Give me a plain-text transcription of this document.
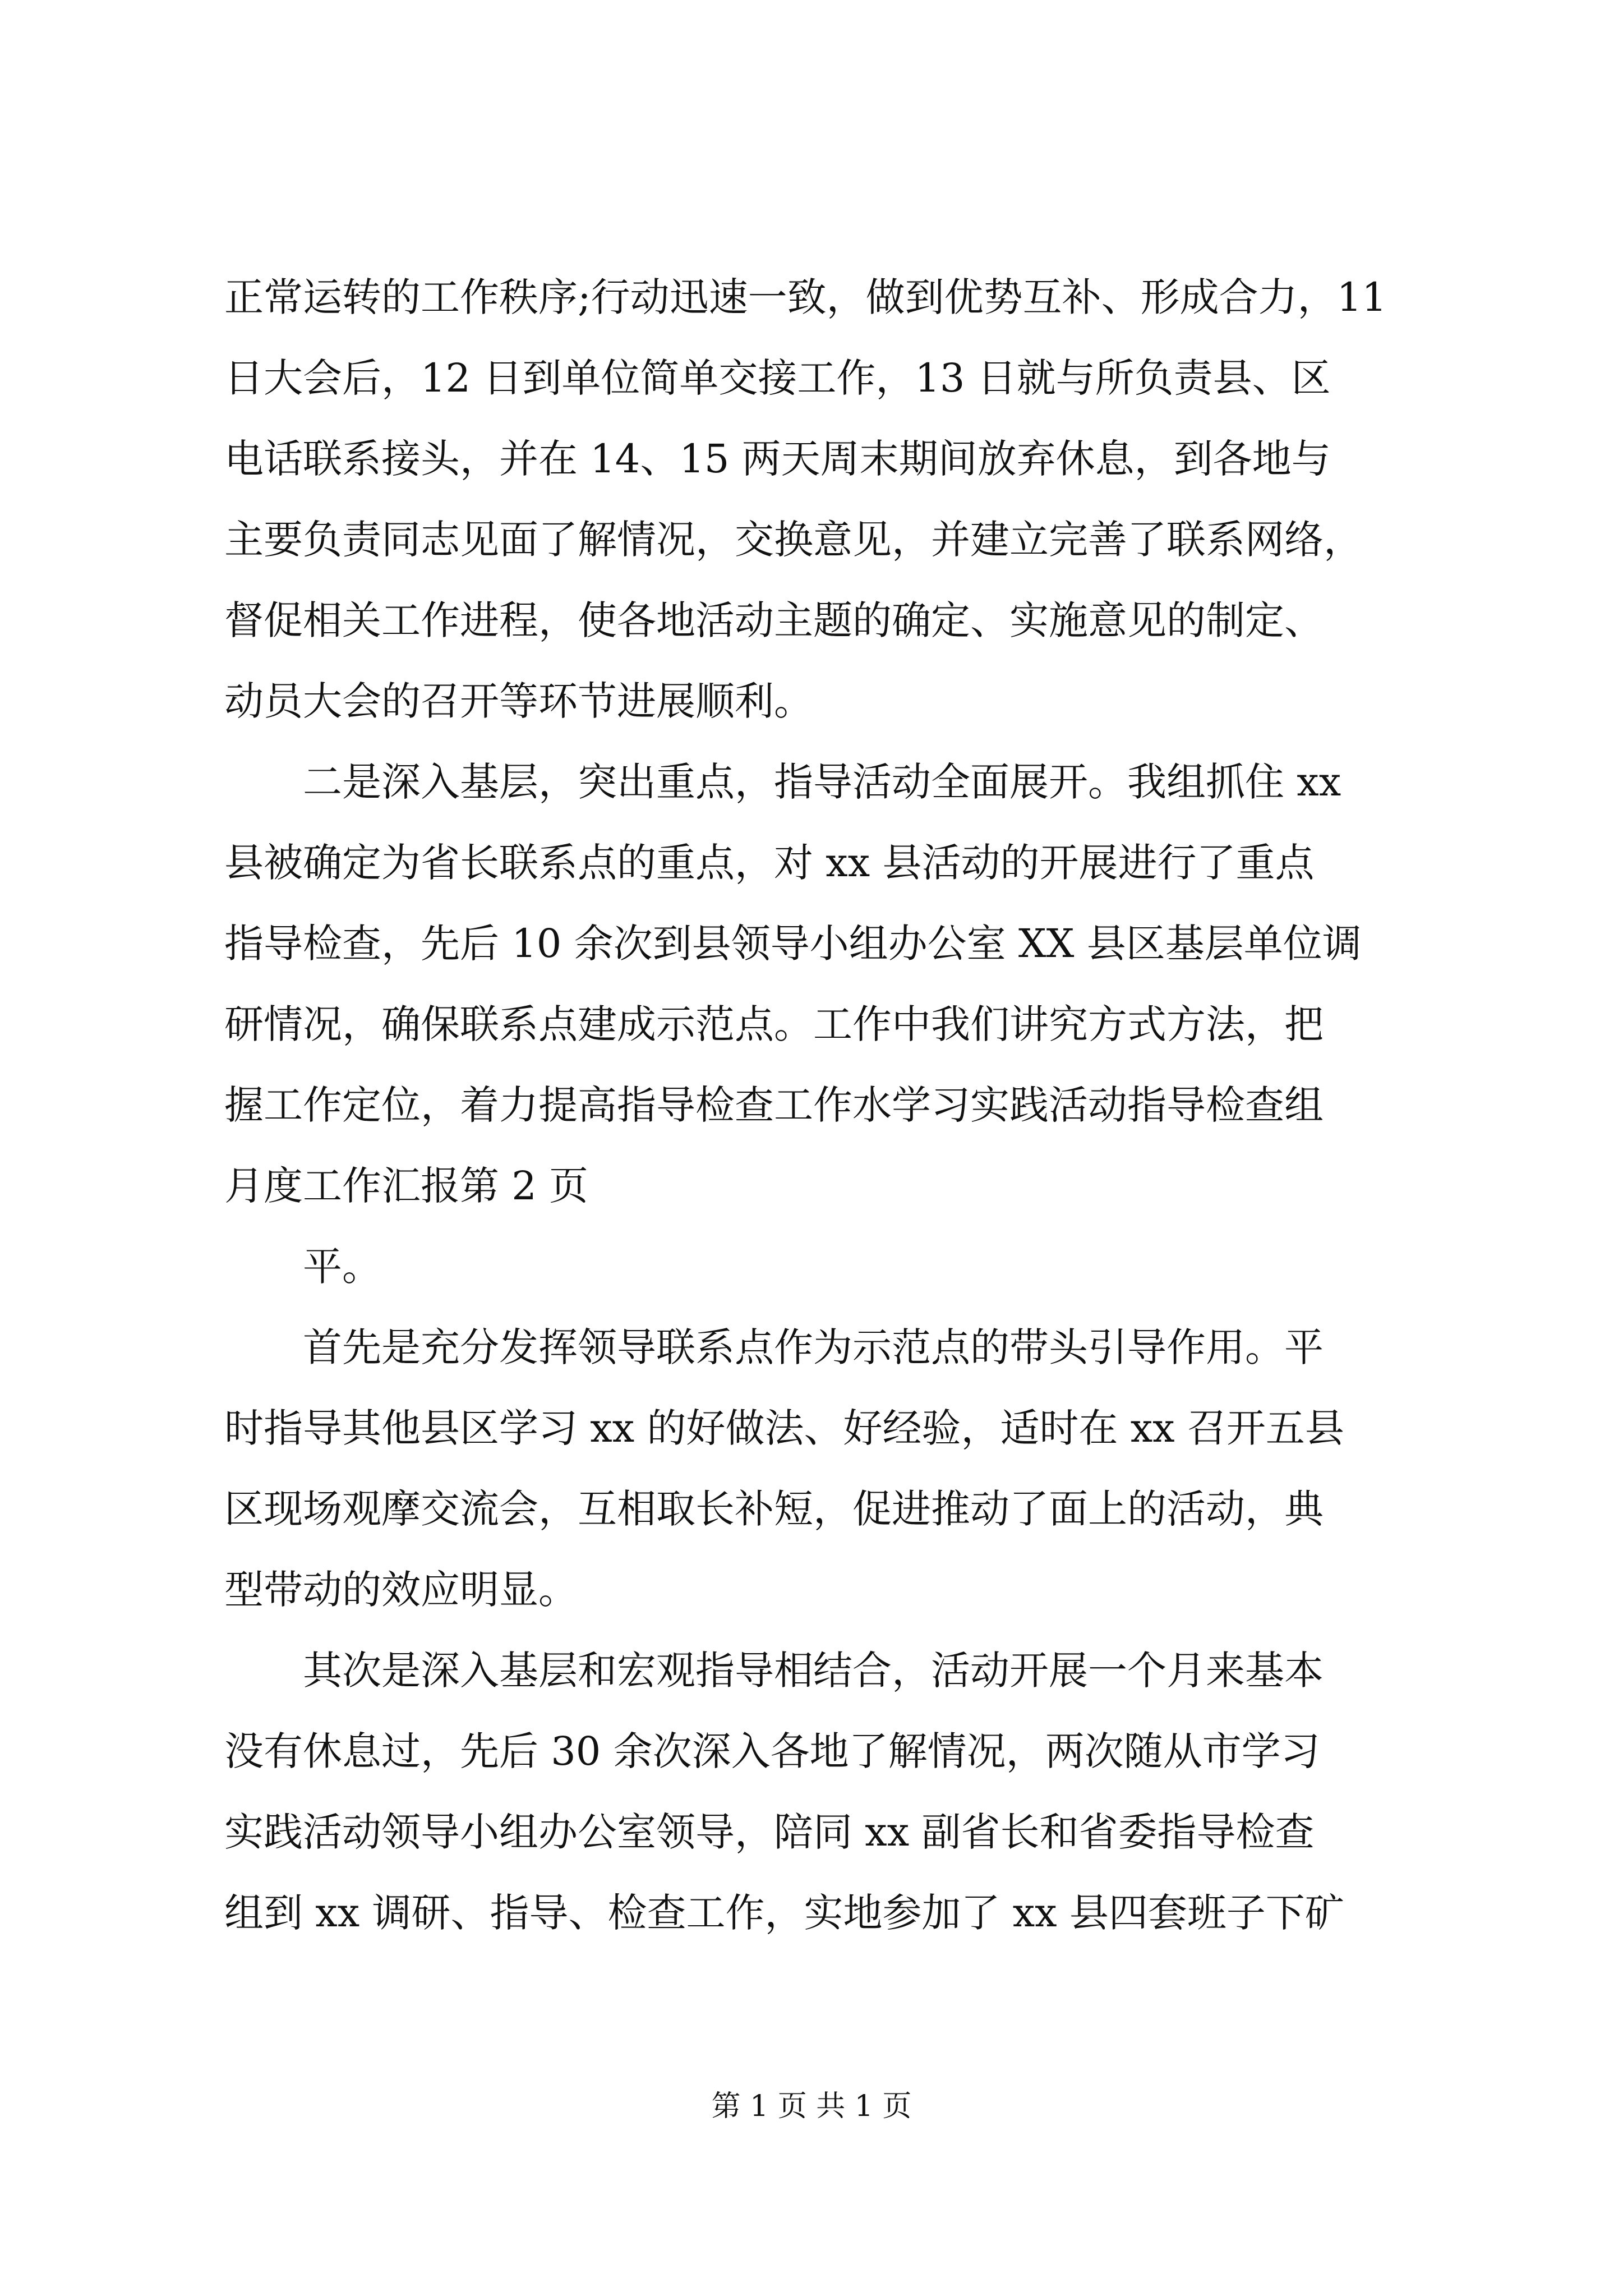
正常运转的工作秩序;行动迅速一致，做到优势互补、形成合力，11
日大会后，12 日到单位简单交接工作，13 日就与所负责县、区
电话联系接头，并在 14、15 两天周末期间放弃休息，到各地与
主要负责同志见面了解情况，交换意见，并建立完善了联系网络，
督促相关工作进程，使各地活动主题的确定、实施意见的制定、
动员大会的召开等环节进展顺利。
二是深入基层，突出重点，指导活动全面展开。我组抓住 xx
县被确定为省长联系点的重点，对 xx 县活动的开展进行了重点
指导检查，先后 10 余次到县领导小组办公室 XX 县区基层单位调
研情况，确保联系点建成示范点。工作中我们讲究方式方法，把
握工作定位，着力提高指导检查工作水学习实践活动指导检查组
月度工作汇报第 2 页
平。
首先是充分发挥领导联系点作为示范点的带头引导作用。平
时指导其他县区学习 xx 的好做法、好经验，适时在 xx 召开五县
区现场观摩交流会，互相取长补短，促进推动了面上的活动，典
型带动的效应明显。
其次是深入基层和宏观指导相结合，活动开展一个月来基本
没有休息过，先后 30 余次深入各地了解情况，两次随从市学习
实践活动领导小组办公室领导，陪同 xx 副省长和省委指导检查
组到 xx 调研、指导、检查工作，实地参加了 xx 县四套班子下矿
第 1 页 共 1 页
